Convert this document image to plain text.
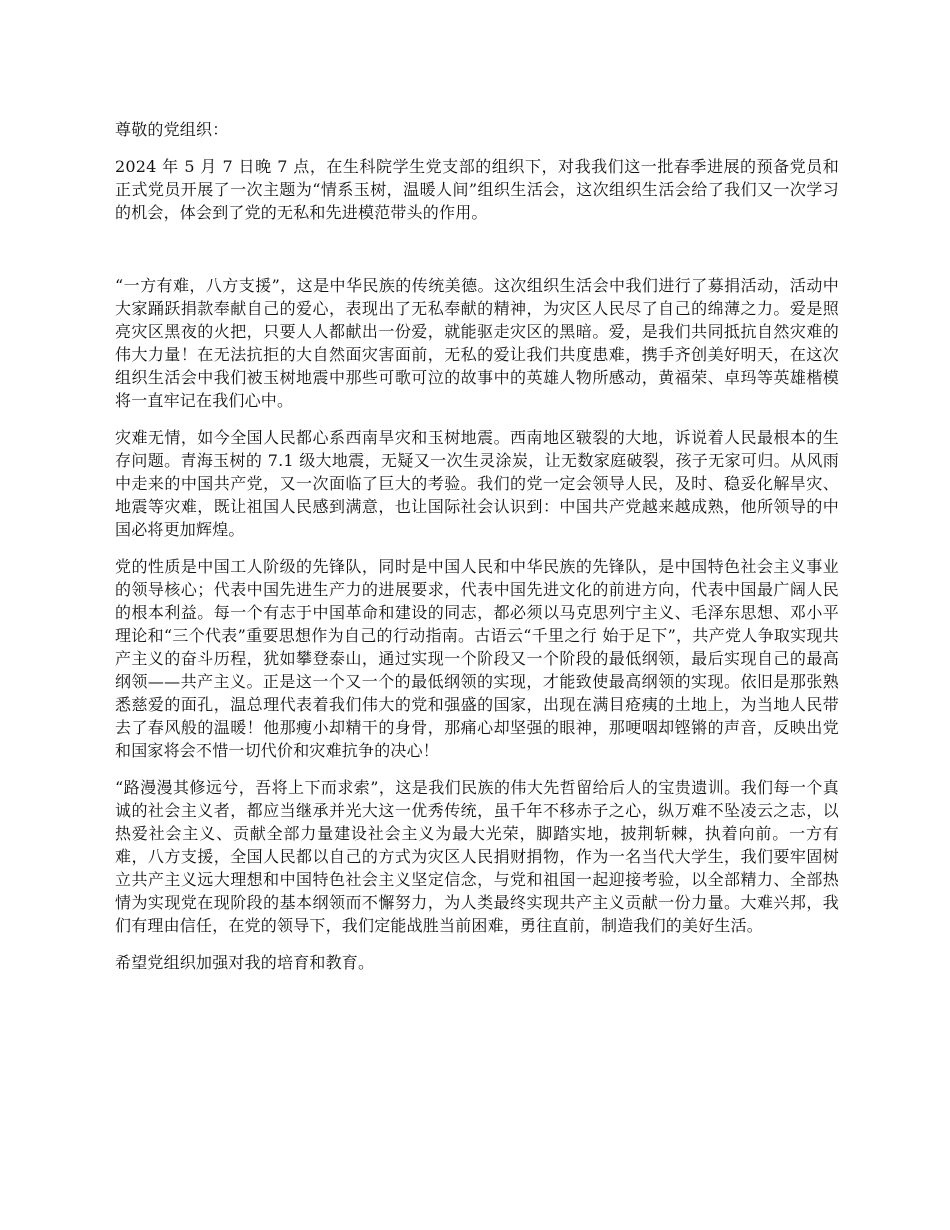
尊敬的党组织：

2024 年 5 月 7 日晚 7 点，在生科院学生党支部的组织下，对我我们这一批春季进展的预备党员和正式党员开展了一次主题为“情系玉树，温暖人间”组织生活会，这次组织生活会给了我们又一次学习的机会，体会到了党的无私和先进模范带头的作用。

“一方有难，八方支援”，这是中华民族的传统美德。这次组织生活会中我们进行了募捐活动，活动中大家踊跃捐款奉献自己的爱心，表现出了无私奉献的精神，为灾区人民尽了自己的绵薄之力。爱是照亮灾区黑夜的火把，只要人人都献出一份爱，就能驱走灾区的黑暗。爱，是我们共同抵抗自然灾难的伟大力量！在无法抗拒的大自然面灾害面前，无私的爱让我们共度患难，携手齐创美好明天，在这次组织生活会中我们被玉树地震中那些可歌可泣的故事中的英雄人物所感动，黄福荣、卓玛等英雄楷模将一直牢记在我们心中。

灾难无情，如今全国人民都心系西南旱灾和玉树地震。西南地区皲裂的大地，诉说着人民最根本的生存问题。青海玉树的 7.1 级大地震，无疑又一次生灵涂炭，让无数家庭破裂，孩子无家可归。从风雨中走来的中国共产党，又一次面临了巨大的考验。我们的党一定会领导人民，及时、稳妥化解旱灾、地震等灾难，既让祖国人民感到满意，也让国际社会认识到：中国共产党越来越成熟，他所领导的中国必将更加辉煌。

党的性质是中国工人阶级的先锋队，同时是中国人民和中华民族的先锋队，是中国特色社会主义事业的领导核心；代表中国先进生产力的进展要求，代表中国先进文化的前进方向，代表中国最广阔人民的根本利益。每一个有志于中国革命和建设的同志，都必须以马克思列宁主义、毛泽东思想、邓小平理论和“三个代表”重要思想作为自己的行动指南。古语云“千里之行 始于足下”，共产党人争取实现共产主义的奋斗历程，犹如攀登泰山，通过实现一个阶段又一个阶段的最低纲领，最后实现自己的最高纲领——共产主义。正是这一个又一个的最低纲领的实现，才能致使最高纲领的实现。依旧是那张熟悉慈爱的面孔，温总理代表着我们伟大的党和强盛的国家，出现在满目疮痍的土地上，为当地人民带去了春风般的温暖！他那瘦小却精干的身骨，那痛心却坚强的眼神，那哽咽却铿锵的声音，反映出党和国家将会不惜一切代价和灾难抗争的决心！

“路漫漫其修远兮，吾将上下而求索”，这是我们民族的伟大先哲留给后人的宝贵遗训。我们每一个真诚的社会主义者，都应当继承并光大这一优秀传统，虽千年不移赤子之心，纵万难不坠凌云之志，以热爱社会主义、贡献全部力量建设社会主义为最大光荣，脚踏实地，披荆斩棘，执着向前。一方有难，八方支援，全国人民都以自己的方式为灾区人民捐财捐物，作为一名当代大学生，我们要牢固树立共产主义远大理想和中国特色社会主义坚定信念，与党和祖国一起迎接考验，以全部精力、全部热情为实现党在现阶段的基本纲领而不懈努力，为人类最终实现共产主义贡献一份力量。大难兴邦，我们有理由信任，在党的领导下，我们定能战胜当前困难，勇往直前，制造我们的美好生活。

希望党组织加强对我的培育和教育。
